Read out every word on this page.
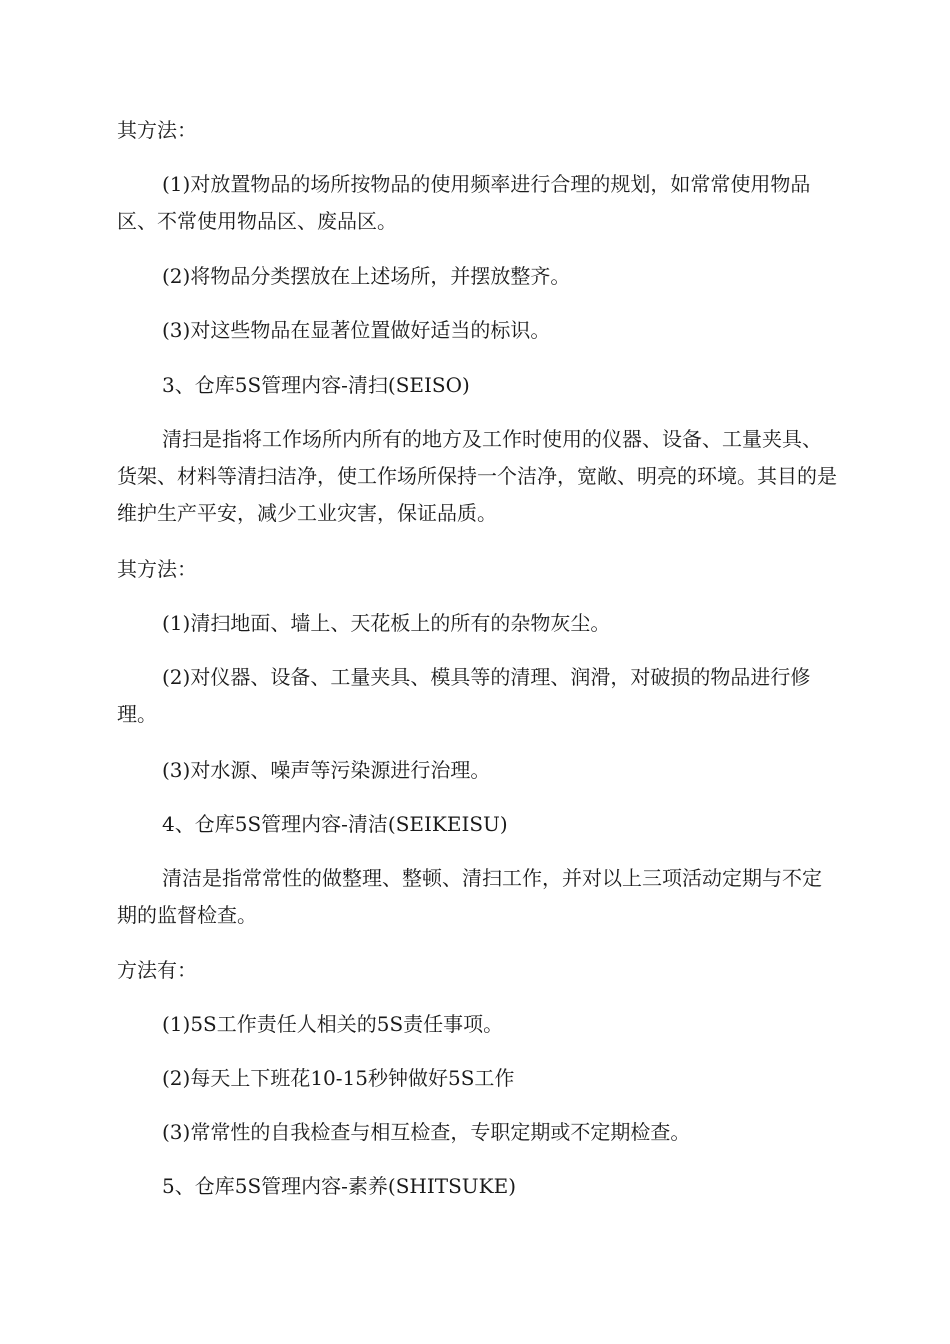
其方法：

(1)对放置物品的场所按物品的使用频率进行合理的规划，如常常使用物品区、不常使用物品区、废品区。

(2)将物品分类摆放在上述场所，并摆放整齐。

(3)对这些物品在显著位置做好适当的标识。

3、仓库5S管理内容-清扫(SEISO)

清扫是指将工作场所内所有的地方及工作时使用的仪器、设备、工量夹具、货架、材料等清扫洁净，使工作场所保持一个洁净，宽敞、明亮的环境。其目的是维护生产平安，减少工业灾害，保证品质。

其方法：

(1)清扫地面、墙上、天花板上的所有的杂物灰尘。

(2)对仪器、设备、工量夹具、模具等的清理、润滑，对破损的物品进行修理。

(3)对水源、噪声等污染源进行治理。

4、仓库5S管理内容-清洁(SEIKEISU)

清洁是指常常性的做整理、整顿、清扫工作，并对以上三项活动定期与不定期的监督检查。

方法有：

(1)5S工作责任人相关的5S责任事项。

(2)每天上下班花10-15秒钟做好5S工作

(3)常常性的自我检查与相互检查，专职定期或不定期检查。

5、仓库5S管理内容-素养(SHITSUKE)
